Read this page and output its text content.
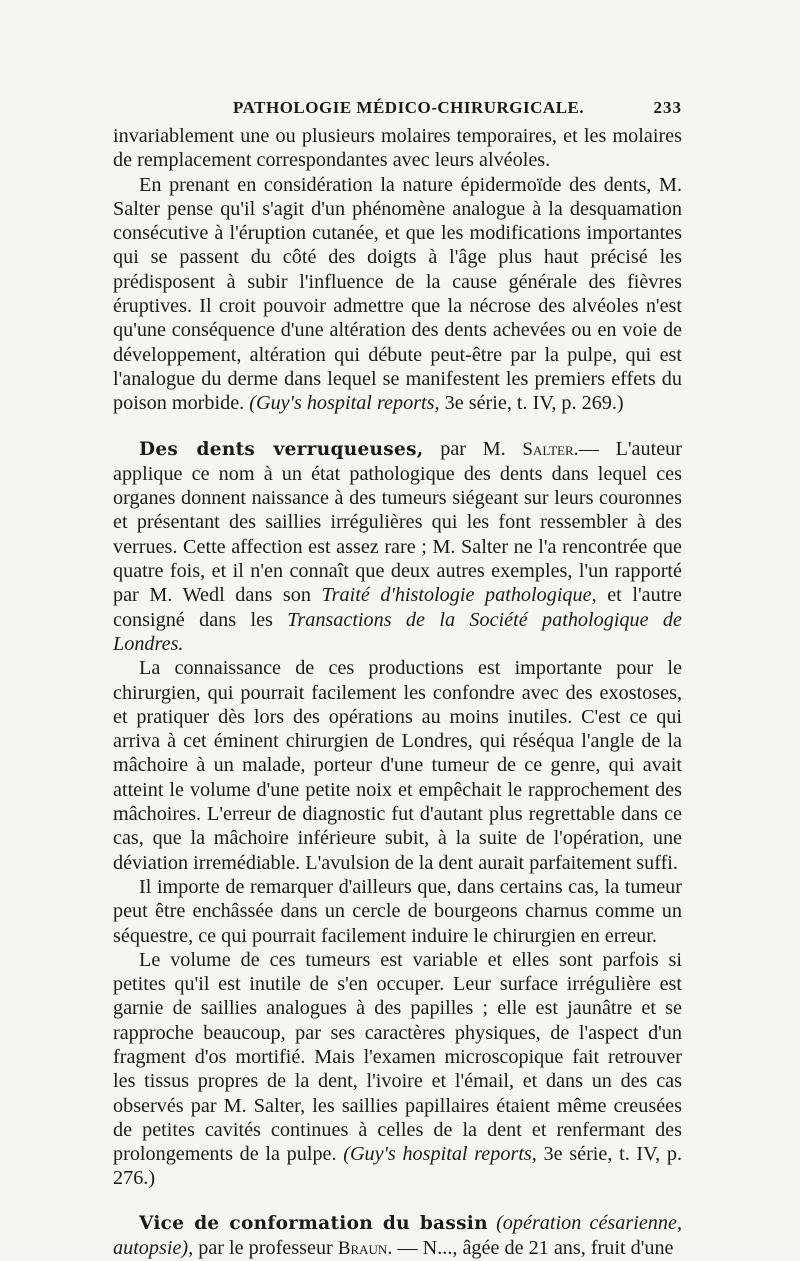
PATHOLOGIE MÉDICO-CHIRURGICALE.	233

invariablement une ou plusieurs molaires temporaires, et les molaires de remplacement correspondantes avec leurs alvéoles.

En prenant en considération la nature épidermoïde des dents, M. Salter pense qu'il s'agit d'un phénomène analogue à la desquamation consécutive à l'éruption cutanée, et que les modifications importantes qui se passent du côté des doigts à l'âge plus haut précisé les prédisposent à subir l'influence de la cause générale des fièvres éruptives. Il croit pouvoir admettre que la nécrose des alvéoles n'est qu'une conséquence d'une altération des dents achevées ou en voie de développement, altération qui débute peut-être par la pulpe, qui est l'analogue du derme dans lequel se manifestent les premiers effets du poison morbide. (Guy's hospital reports, 3e série, t. IV, p. 269.)

Des dents verruqueuses, par M. Salter.— L'auteur applique ce nom à un état pathologique des dents dans lequel ces organes donnent naissance à des tumeurs siégeant sur leurs couronnes et présentant des saillies irrégulières qui les font ressembler à des verrues. Cette affection est assez rare ; M. Salter ne l'a rencontrée que quatre fois, et il n'en connaît que deux autres exemples, l'un rapporté par M. Wedl dans son Traité d'histologie pathologique, et l'autre consigné dans les Transactions de la Société pathologique de Londres.

La connaissance de ces productions est importante pour le chirurgien, qui pourrait facilement les confondre avec des exostoses, et pratiquer dès lors des opérations au moins inutiles. C'est ce qui arriva à cet éminent chirurgien de Londres, qui réséqua l'angle de la mâchoire à un malade, porteur d'une tumeur de ce genre, qui avait atteint le volume d'une petite noix et empêchait le rapprochement des mâchoires. L'erreur de diagnostic fut d'autant plus regrettable dans ce cas, que la mâchoire inférieure subit, à la suite de l'opération, une déviation irremédiable. L'avulsion de la dent aurait parfaitement suffi.

Il importe de remarquer d'ailleurs que, dans certains cas, la tumeur peut être enchâssée dans un cercle de bourgeons charnus comme un séquestre, ce qui pourrait facilement induire le chirurgien en erreur.

Le volume de ces tumeurs est variable et elles sont parfois si petites qu'il est inutile de s'en occuper. Leur surface irrégulière est garnie de saillies analogues à des papilles ; elle est jaunâtre et se rapproche beaucoup, par ses caractères physiques, de l'aspect d'un fragment d'os mortifié. Mais l'examen microscopique fait retrouver les tissus propres de la dent, l'ivoire et l'émail, et dans un des cas observés par M. Salter, les saillies papillaires étaient même creusées de petites cavités continues à celles de la dent et renfermant des prolongements de la pulpe. (Guy's hospital reports, 3e série, t. IV, p. 276.)

Vice de conformation du bassin (opération césarienne, autopsie), par le professeur Braun. — N..., âgée de 21 ans, fruit d'une
